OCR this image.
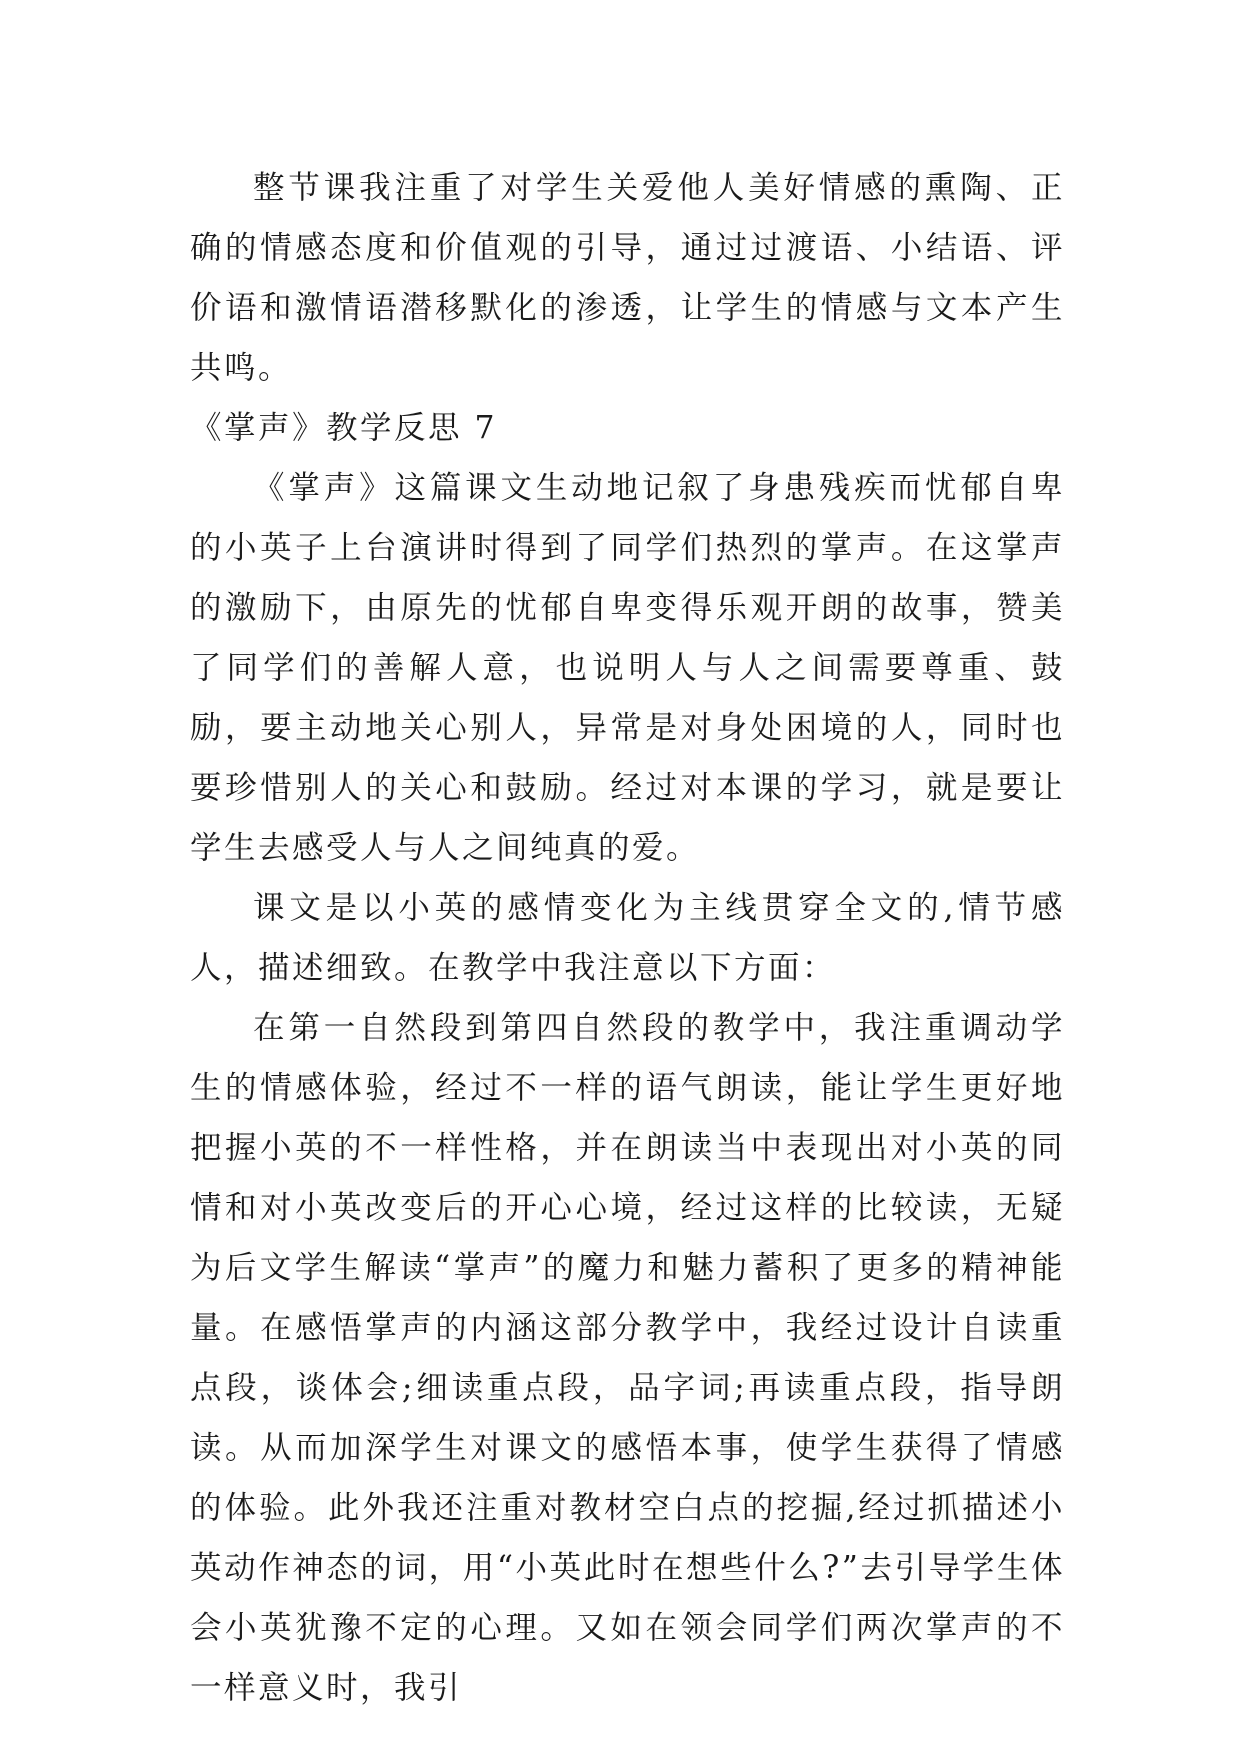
整节课我注重了对学生关爱他人美好情感的熏陶、正确的情感态度和价值观的引导，通过过渡语、小结语、评价语和激情语潜移默化的渗透，让学生的情感与文本产生共鸣。

《掌声》教学反思 7

《掌声》这篇课文生动地记叙了身患残疾而忧郁自卑的小英子上台演讲时得到了同学们热烈的掌声。在这掌声的激励下，由原先的忧郁自卑变得乐观开朗的故事，赞美了同学们的善解人意，也说明人与人之间需要尊重、鼓励，要主动地关心别人，异常是对身处困境的人，同时也要珍惜别人的关心和鼓励。经过对本课的学习，就是要让学生去感受人与人之间纯真的爱。

课文是以小英的感情变化为主线贯穿全文的,情节感人，描述细致。在教学中我注意以下方面：

在第一自然段到第四自然段的教学中，我注重调动学生的情感体验，经过不一样的语气朗读，能让学生更好地把握小英的不一样性格，并在朗读当中表现出对小英的同情和对小英改变后的开心心境，经过这样的比较读，无疑为后文学生解读“掌声”的魔力和魅力蓄积了更多的精神能量。在感悟掌声的内涵这部分教学中，我经过设计自读重点段，谈体会;细读重点段，品字词;再读重点段，指导朗读。从而加深学生对课文的感悟本事，使学生获得了情感的体验。此外我还注重对教材空白点的挖掘,经过抓描述小英动作神态的词，用“小英此时在想些什么?”去引导学生体会小英犹豫不定的心理。又如在领会同学们两次掌声的不一样意义时，我引
